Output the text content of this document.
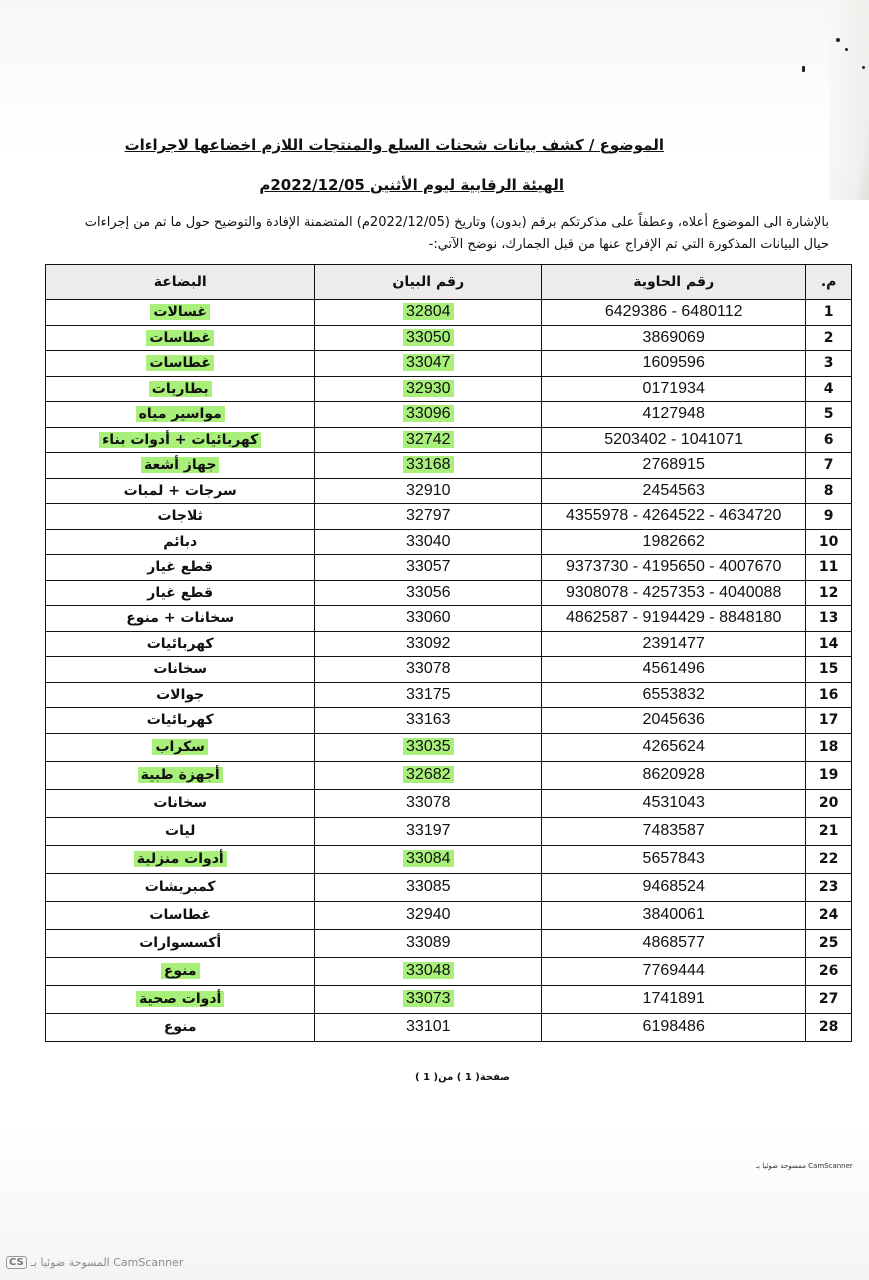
الموضوع / كشف بيانات شحنات السلع والمنتجات اللازم اخضاعها لاجراءات
الهيئة الرقابية ليوم الأثنين 2022/12/05م

بالإشارة الى الموضوع أعلاه، وعطفاً على مذكرتكم برقم (بدون) وتاريخ (2022/12/05م) المتضمنة الإفادة والتوضيح حول ما تم من إجراءات

حيال البيانات المذكورة التي تم الإفراج عنها من قبل الجمارك، نوضح الآتي:-

م.	رقم الحاوية	رقم البيان	البضاعة
1	6480112 - 6429386	32804	غسالات
2	3869069	33050	غطاسات
3	1609596	33047	غطاسات
4	0171934	32930	بطاريات
5	4127948	33096	مواسير مياه
6	1041071 - 5203402	32742	كهربائيات + أدوات بناء
7	2768915	33168	جهاز أشعة
8	2454563	32910	سرجات + لمبات
9	4634720 - 4264522 - 4355978	32797	ثلاجات
10	1982662	33040	دبائم
11	4007670 - 4195650 - 9373730	33057	قطع غيار
12	4040088 - 4257353 - 9308078	33056	قطع غيار
13	8848180 - 9194429 - 4862587	33060	سخانات + منوع
14	2391477	33092	كهربائيات
15	4561496	33078	سخانات
16	6553832	33175	جوالات
17	2045636	33163	كهربائيات
18	4265624	33035	سكراب
19	8620928	32682	أجهزة طبية
20	4531043	33078	سخانات
21	7483587	33197	ليات
22	5657843	33084	أدوات منزلية
23	9468524	33085	كمبريشات
24	3840061	32940	غطاسات
25	4868577	33089	أكسسوارات
26	7769444	33048	منوع
27	1741891	33073	أدوات صحية
28	6198486	33101	منوع
صفحة( 1 ) من( 1 )
CamScanner ممسوحة ضوئيا بـ
CS المسوحة ضوئيا بـ CamScanner
